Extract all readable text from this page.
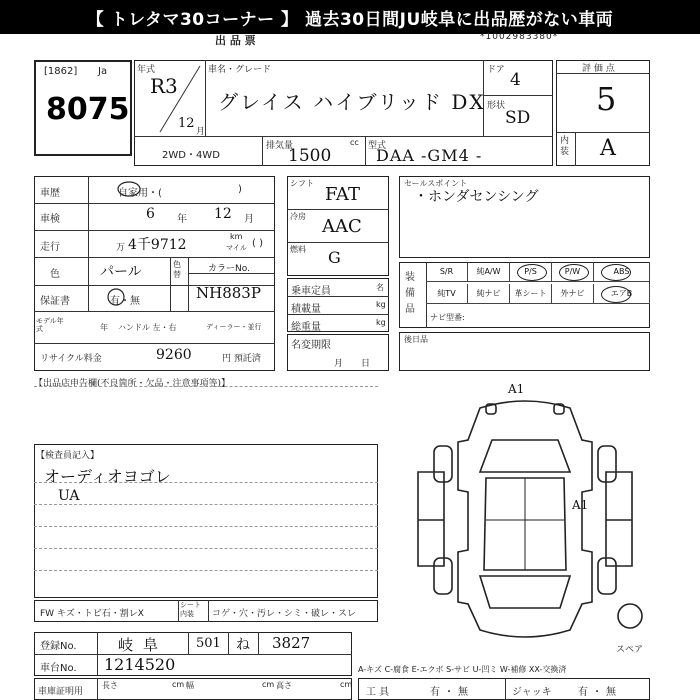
【 トレタマ30コーナー 】 過去30日間JU岐阜に出品歴がない車両
出 品 票	*1002983380*
[1862] Ja
8075
年式
R3
12
月
車名・グレード
グレイス ハイブリッド DX
ドア 4
形状
SD
2WD・4WD
排気量	cc
1500	型式
DAA -GM4 -
評 価 点
5
内装 A
車歴	自家用・(	)
車検	6 年 12 月
走行	万 4千9712
km
マイル ( )
色	パール	色替
カラーNo.
NH883P
保証書	有・無
モデル年式	年 ハンドル 左・右	ディーラー・並行
リサイクル料金	9260	円 預託済
シフト
FAT
冷房 AAC
燃料 G
乗車定員	名
積載量	kg
総重量	kg
名変期限
月日
セールスポイント
・ホンダセンシング
装備品
ナビ型番:
後日品
【出品店申告欄(不良箇所・欠品・注意事項等)】
【検査員記入】
オーディオヨゴレ
UA
FW キズ・トビ石・割レX
シート内装	コゲ・穴・汚レ・シミ・破レ・スレ
登録No.	岐阜 501 ね 3827
車台No. 1214520
車庫証明用
長さ	cm 幅	cm 高さ	cm
A-キズ C-腐食 E-エクボ S-サビ U-凹ミ W-補修 XX-交換済
工 具	有・無	ジャッキ	有・無
A1
A1
スペア
S/R	純A/W	P/S	P/W	ABS
純TV	純ナビ	革シート	外ナビ	エアB
